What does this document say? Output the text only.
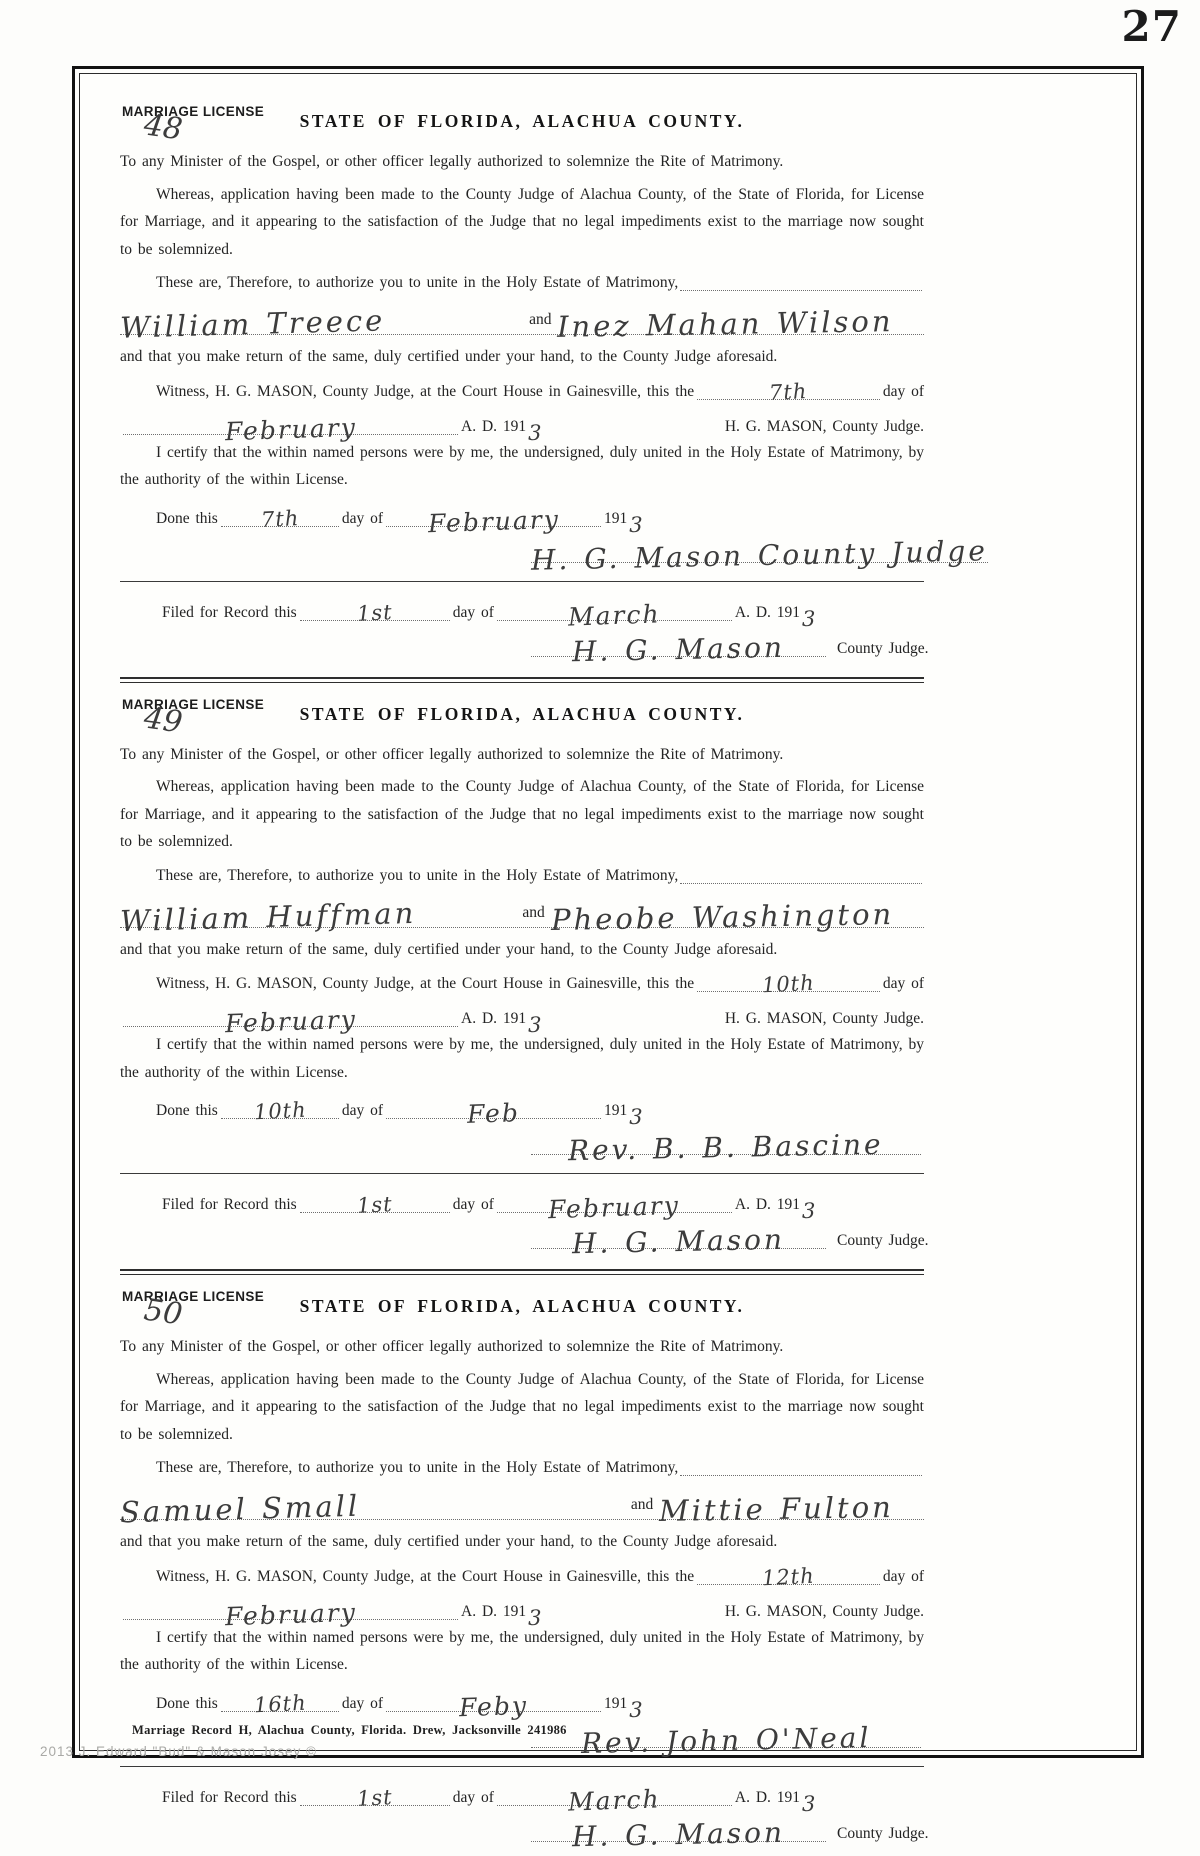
27
MARRIAGE LICENSE
48	STATE OF FLORIDA, ALACHUA COUNTY.

To any Minister of the Gospel, or other officer legally authorized to solemnize the Rite of Matrimony.

Whereas, application having been made to the County Judge of Alachua County, of the State of Florida, for License for Marriage, and it appearing to the satisfaction of the Judge that no legal impediments exist to the marriage now sought to be solemnized.

These are, Therefore, to authorize you to unite in the Holy Estate of Matrimony,
William Treece	and Inez Mahan Wilson

and that you make return of the same, duly certified under your hand, to the County Judge aforesaid.

Witness, H. G. MASON, County Judge, at the Court House in Gainesville, this the	7th	day of
February	A. D. 191 3	H. G. MASON, County Judge.

I certify that the within named persons were by me, the undersigned, duly united in the Holy Estate of Matrimony, by the authority of the within License.

Done this 7th	day of February	191 3
H. G. Mason County Judge
Filed for Record this	1st	day of	March	A. D. 191 3
H. G. Mason	County Judge.
MARRIAGE LICENSE
49	STATE OF FLORIDA, ALACHUA COUNTY.

To any Minister of the Gospel, or other officer legally authorized to solemnize the Rite of Matrimony.

Whereas, application having been made to the County Judge of Alachua County, of the State of Florida, for License for Marriage, and it appearing to the satisfaction of the Judge that no legal impediments exist to the marriage now sought to be solemnized.

These are, Therefore, to authorize you to unite in the Holy Estate of Matrimony,
William Huffman	and Pheobe Washington

and that you make return of the same, duly certified under your hand, to the County Judge aforesaid.

Witness, H. G. MASON, County Judge, at the Court House in Gainesville, this the	10th	day of
February	A. D. 191 3	H. G. MASON, County Judge.

I certify that the within named persons were by me, the undersigned, duly united in the Holy Estate of Matrimony, by the authority of the within License.

Done this 10th day of	Feb	191 3
Rev. B. B. Bascine
Filed for Record this	1st	day of February	A. D. 191 3
H. G. Mason	County Judge.
MARRIAGE LICENSE
50	STATE OF FLORIDA, ALACHUA COUNTY.

To any Minister of the Gospel, or other officer legally authorized to solemnize the Rite of Matrimony.

Whereas, application having been made to the County Judge of Alachua County, of the State of Florida, for License for Marriage, and it appearing to the satisfaction of the Judge that no legal impediments exist to the marriage now sought to be solemnized.

These are, Therefore, to authorize you to unite in the Holy Estate of Matrimony,
Samuel Small	and Mittie Fulton

and that you make return of the same, duly certified under your hand, to the County Judge aforesaid.

Witness, H. G. MASON, County Judge, at the Court House in Gainesville, this the	12th	day of
February	A. D. 191 3	H. G. MASON, County Judge.

I certify that the within named persons were by me, the undersigned, duly united in the Holy Estate of Matrimony, by the authority of the within License.

Done this 16th day of	Feby	191 3
Rev. John O'Neal
Filed for Record this	1st	day of	March	A. D. 191 3
H. G. Mason	County Judge.
Marriage Record H, Alachua County, Florida. Drew, Jacksonville 241986
2013 J. Edward "Bud" & Mason Josey ©
